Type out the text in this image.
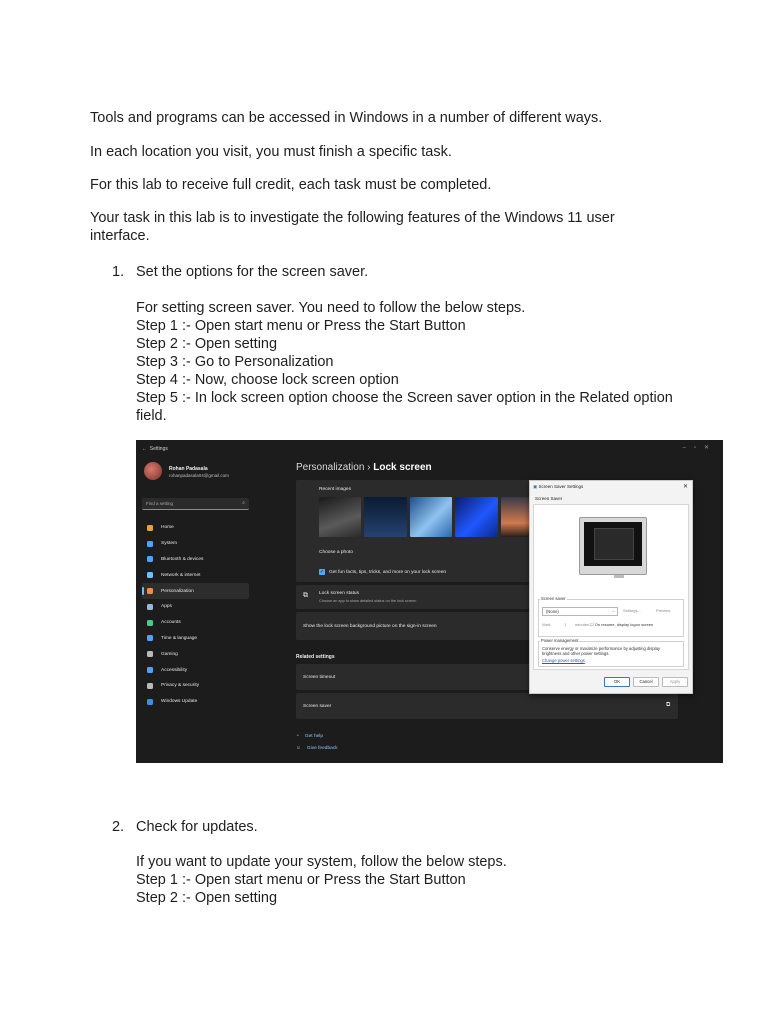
Tools and programs can be accessed in Windows in a number of different ways.

In each location you visit, you must finish a specific task.

For this lab to receive full credit, each task must be completed.

Your task in this lab is to investigate the following features of the Windows 11 user interface.

1. Set the options for the screen saver.
For setting screen saver. You need to follow the below steps.
Step 1 :- Open start menu or Press the Start Button
Step 2 :- Open setting
Step 3 :- Go to Personalization
Step 4 :- Now, choose lock screen option
Step 5 :- In lock screen option choose the Screen saver option in the Related option field.
← Settings	–▫✕
Rohan Padasala
rohanpadasala04@gmail.com
Find a setting	⌕
Home
System
Bluetooth & devices
Network & internet
Personalization
Apps
Accounts
Time & language
Gaming
Accessibility
Privacy & security
Windows Update
Personalization › Lock screen
Recent images
Choose a photo
✓ Get fun facts, tips, tricks, and more on your lock screen
⧉ Lock screen status
Choose an app to show detailed status on the lock screen
Show the lock screen background picture on the sign-in screen
Related settings
Screen timeout
Screen saver	⧉
◔ Get help
☺ Give feedback
▣ Screen Saver Settings	✕
Screen Saver
Screen saver
(None)	⌄ Settings...	Preview
Wait:	1 minutes ☐ On resume, display logon screen
Power management
Conserve energy or maximize performance by adjusting display brightness and other power settings.
Change power settings
OK	Cancel	Apply
2. Check for updates.
If you want to update your system, follow the below steps.
Step 1 :- Open start menu or Press the Start Button
Step 2 :- Open setting
